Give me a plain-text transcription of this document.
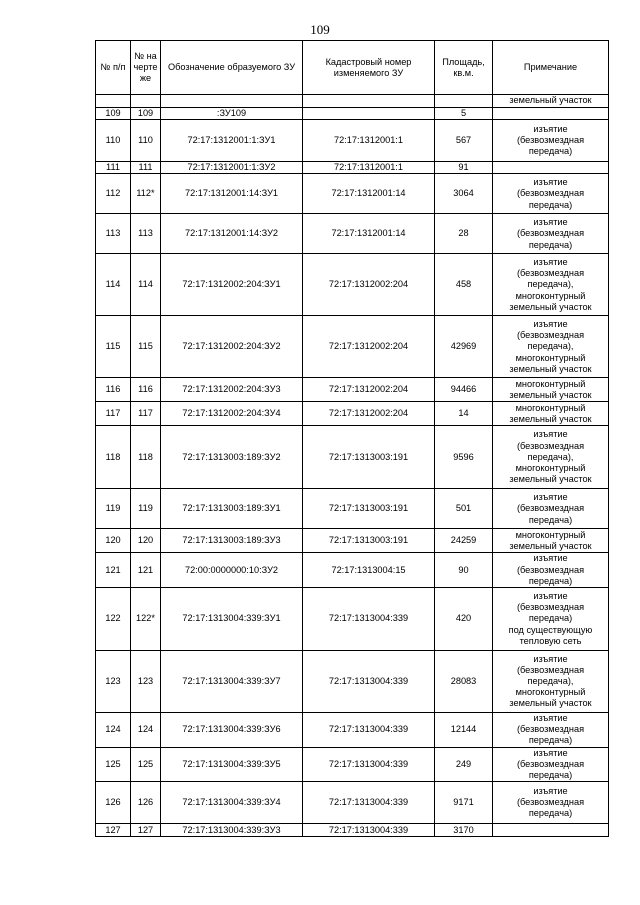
109
№ п/п	№ на черте же	Обозначение образуемого ЗУ	Кадастровый номер изменяемого ЗУ	Площадь, кв.м.	Примечание
					земельный участок
109	109	:ЗУ109		5	
110	110	72:17:1312001:1:ЗУ1	72:17:1312001:1	567	изъятие
(безвозмездная
передача)
111	111	72:17:1312001:1:ЗУ2	72:17:1312001:1	91	
112	112*	72:17:1312001:14:ЗУ1	72:17:1312001:14	3064	изъятие
(безвозмездная
передача)
113	113	72:17:1312001:14:ЗУ2	72:17:1312001:14	28	изъятие
(безвозмездная
передача)
114	114	72:17:1312002:204:ЗУ1	72:17:1312002:204	458	изъятие
(безвозмездная
передача),
многоконтурный
земельный участок
115	115	72:17:1312002:204:ЗУ2	72:17:1312002:204	42969	изъятие
(безвозмездная
передача),
многоконтурный
земельный участок
116	116	72:17:1312002:204:ЗУ3	72:17:1312002:204	94466	многоконтурный
земельный участок
117	117	72:17:1312002:204:ЗУ4	72:17:1312002:204	14	многоконтурный
земельный участок
118	118	72:17:1313003:189:ЗУ2	72:17:1313003:191	9596	изъятие
(безвозмездная
передача),
многоконтурный
земельный участок
119	119	72:17:1313003:189:ЗУ1	72:17:1313003:191	501	изъятие
(безвозмездная
передача)
120	120	72:17:1313003:189:ЗУ3	72:17:1313003:191	24259	многоконтурный
земельный участок
121	121	72:00:0000000:10:ЗУ2	72:17:1313004:15	90	изъятие
(безвозмездная
передача)
122	122*	72:17:1313004:339:ЗУ1	72:17:1313004:339	420	изъятие
(безвозмездная
передача)
под существующую
тепловую сеть
123	123	72:17:1313004:339:ЗУ7	72:17:1313004:339	28083	изъятие
(безвозмездная
передача),
многоконтурный
земельный участок
124	124	72:17:1313004:339:ЗУ6	72:17:1313004:339	12144	изъятие
(безвозмездная
передача)
125	125	72:17:1313004:339:ЗУ5	72:17:1313004:339	249	изъятие
(безвозмездная
передача)
126	126	72:17:1313004:339:ЗУ4	72:17:1313004:339	9171	изъятие
(безвозмездная
передача)
127	127	72:17:1313004:339:ЗУ3	72:17:1313004:339	3170	
